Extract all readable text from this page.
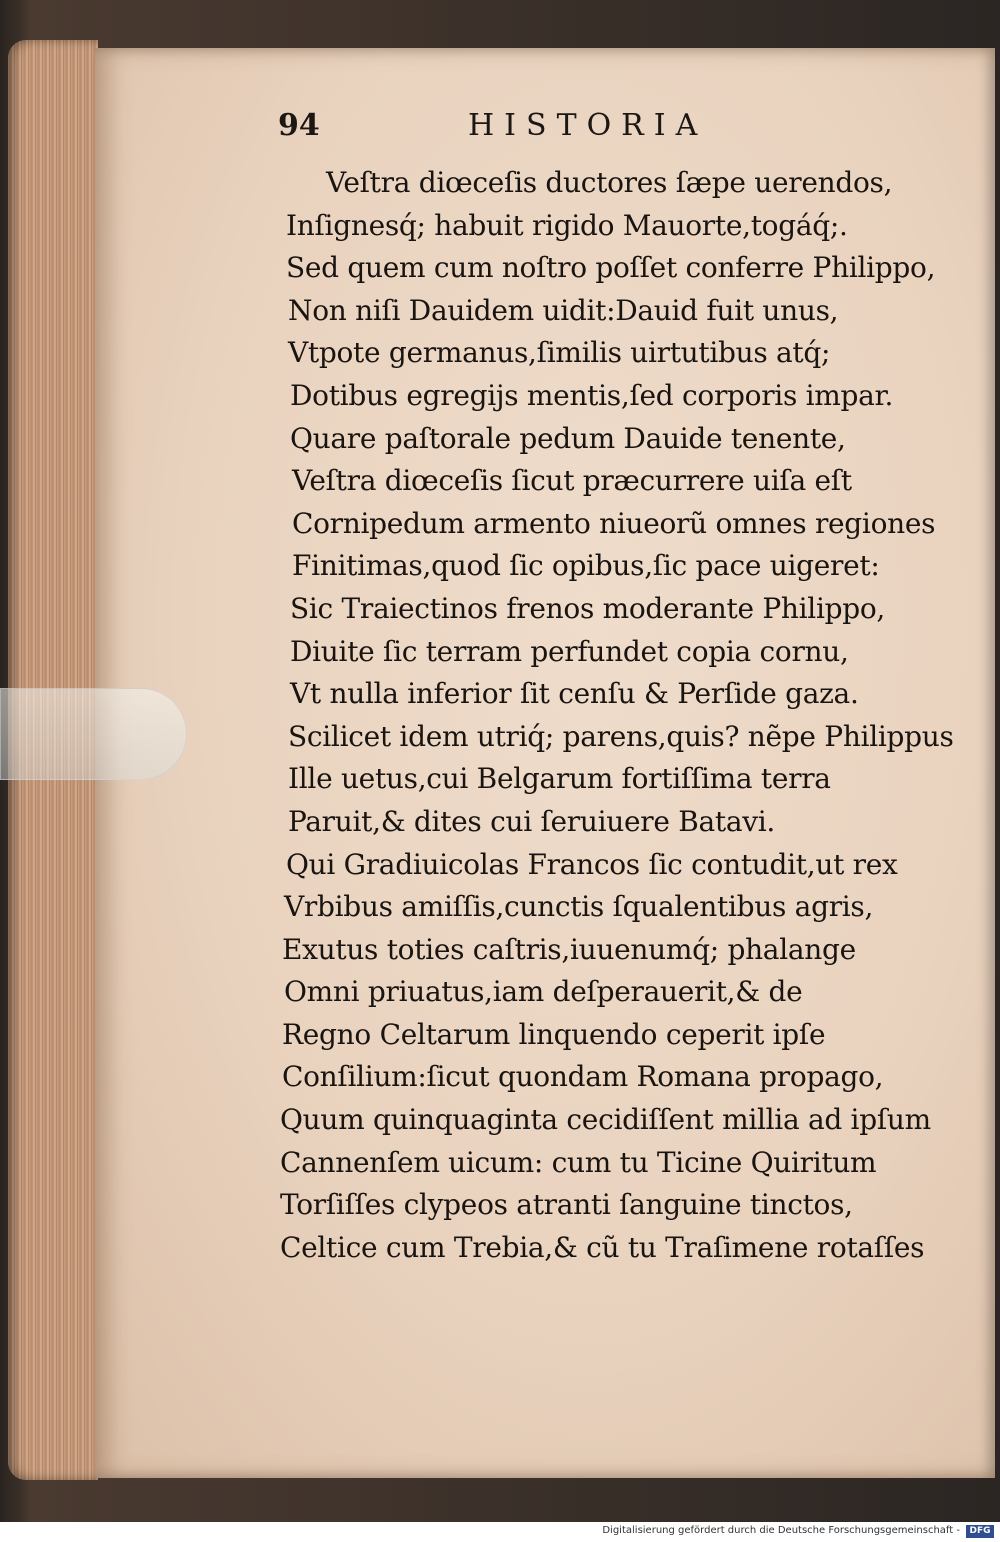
94	HISTORIA
Veſtra diœceſis ductores ſæpe uerendos,
Inſignesq́; habuit rigido Mauorte,togáq́;.
Sed quem cum noſtro poſſet conferre Philippo,
Non niſi Dauidem uidit:Dauid fuit unus,
Vtpote germanus,ſimilis uirtutibus atq́;
Dotibus egregijs mentis,ſed corporis impar.
Quare paſtorale pedum Dauide tenente,
Veſtra diœceſis ſicut præcurrere uiſa eſt
Cornipedum armento niueorũ omnes regiones
Finitimas,quod ſic opibus,ſic pace uigeret:
Sic Traiectinos frenos moderante Philippo,
Diuite ſic terram perfundet copia cornu,
Vt nulla inferior ſit cenſu & Perſide gaza.
Scilicet idem utriq́; parens,quis? nẽpe Philippus
Ille uetus,cui Belgarum fortiſſima terra
Paruit,& dites cui ſeruiuere Batavi.
Qui Gradiuicolas Francos ſic contudit,ut rex
Vrbibus amiſſis,cunctis ſqualentibus agris,
Exutus toties caſtris,iuuenumq́; phalange
Omni priuatus,iam deſperauerit,& de
Regno Celtarum linquendo ceperit ipſe
Conſilium:ſicut quondam Romana propago,
Quum quinquaginta cecidiſſent millia ad ipſum
Cannenſem uicum: cum tu Ticine Quiritum
Torſiſſes clypeos atranti ſanguine tinctos,
Celtice cum Trebia,& cũ tu Traſimene rotaſſes
Digitalisierung gefördert durch die Deutsche Forschungsgemeinschaft -	DFG
